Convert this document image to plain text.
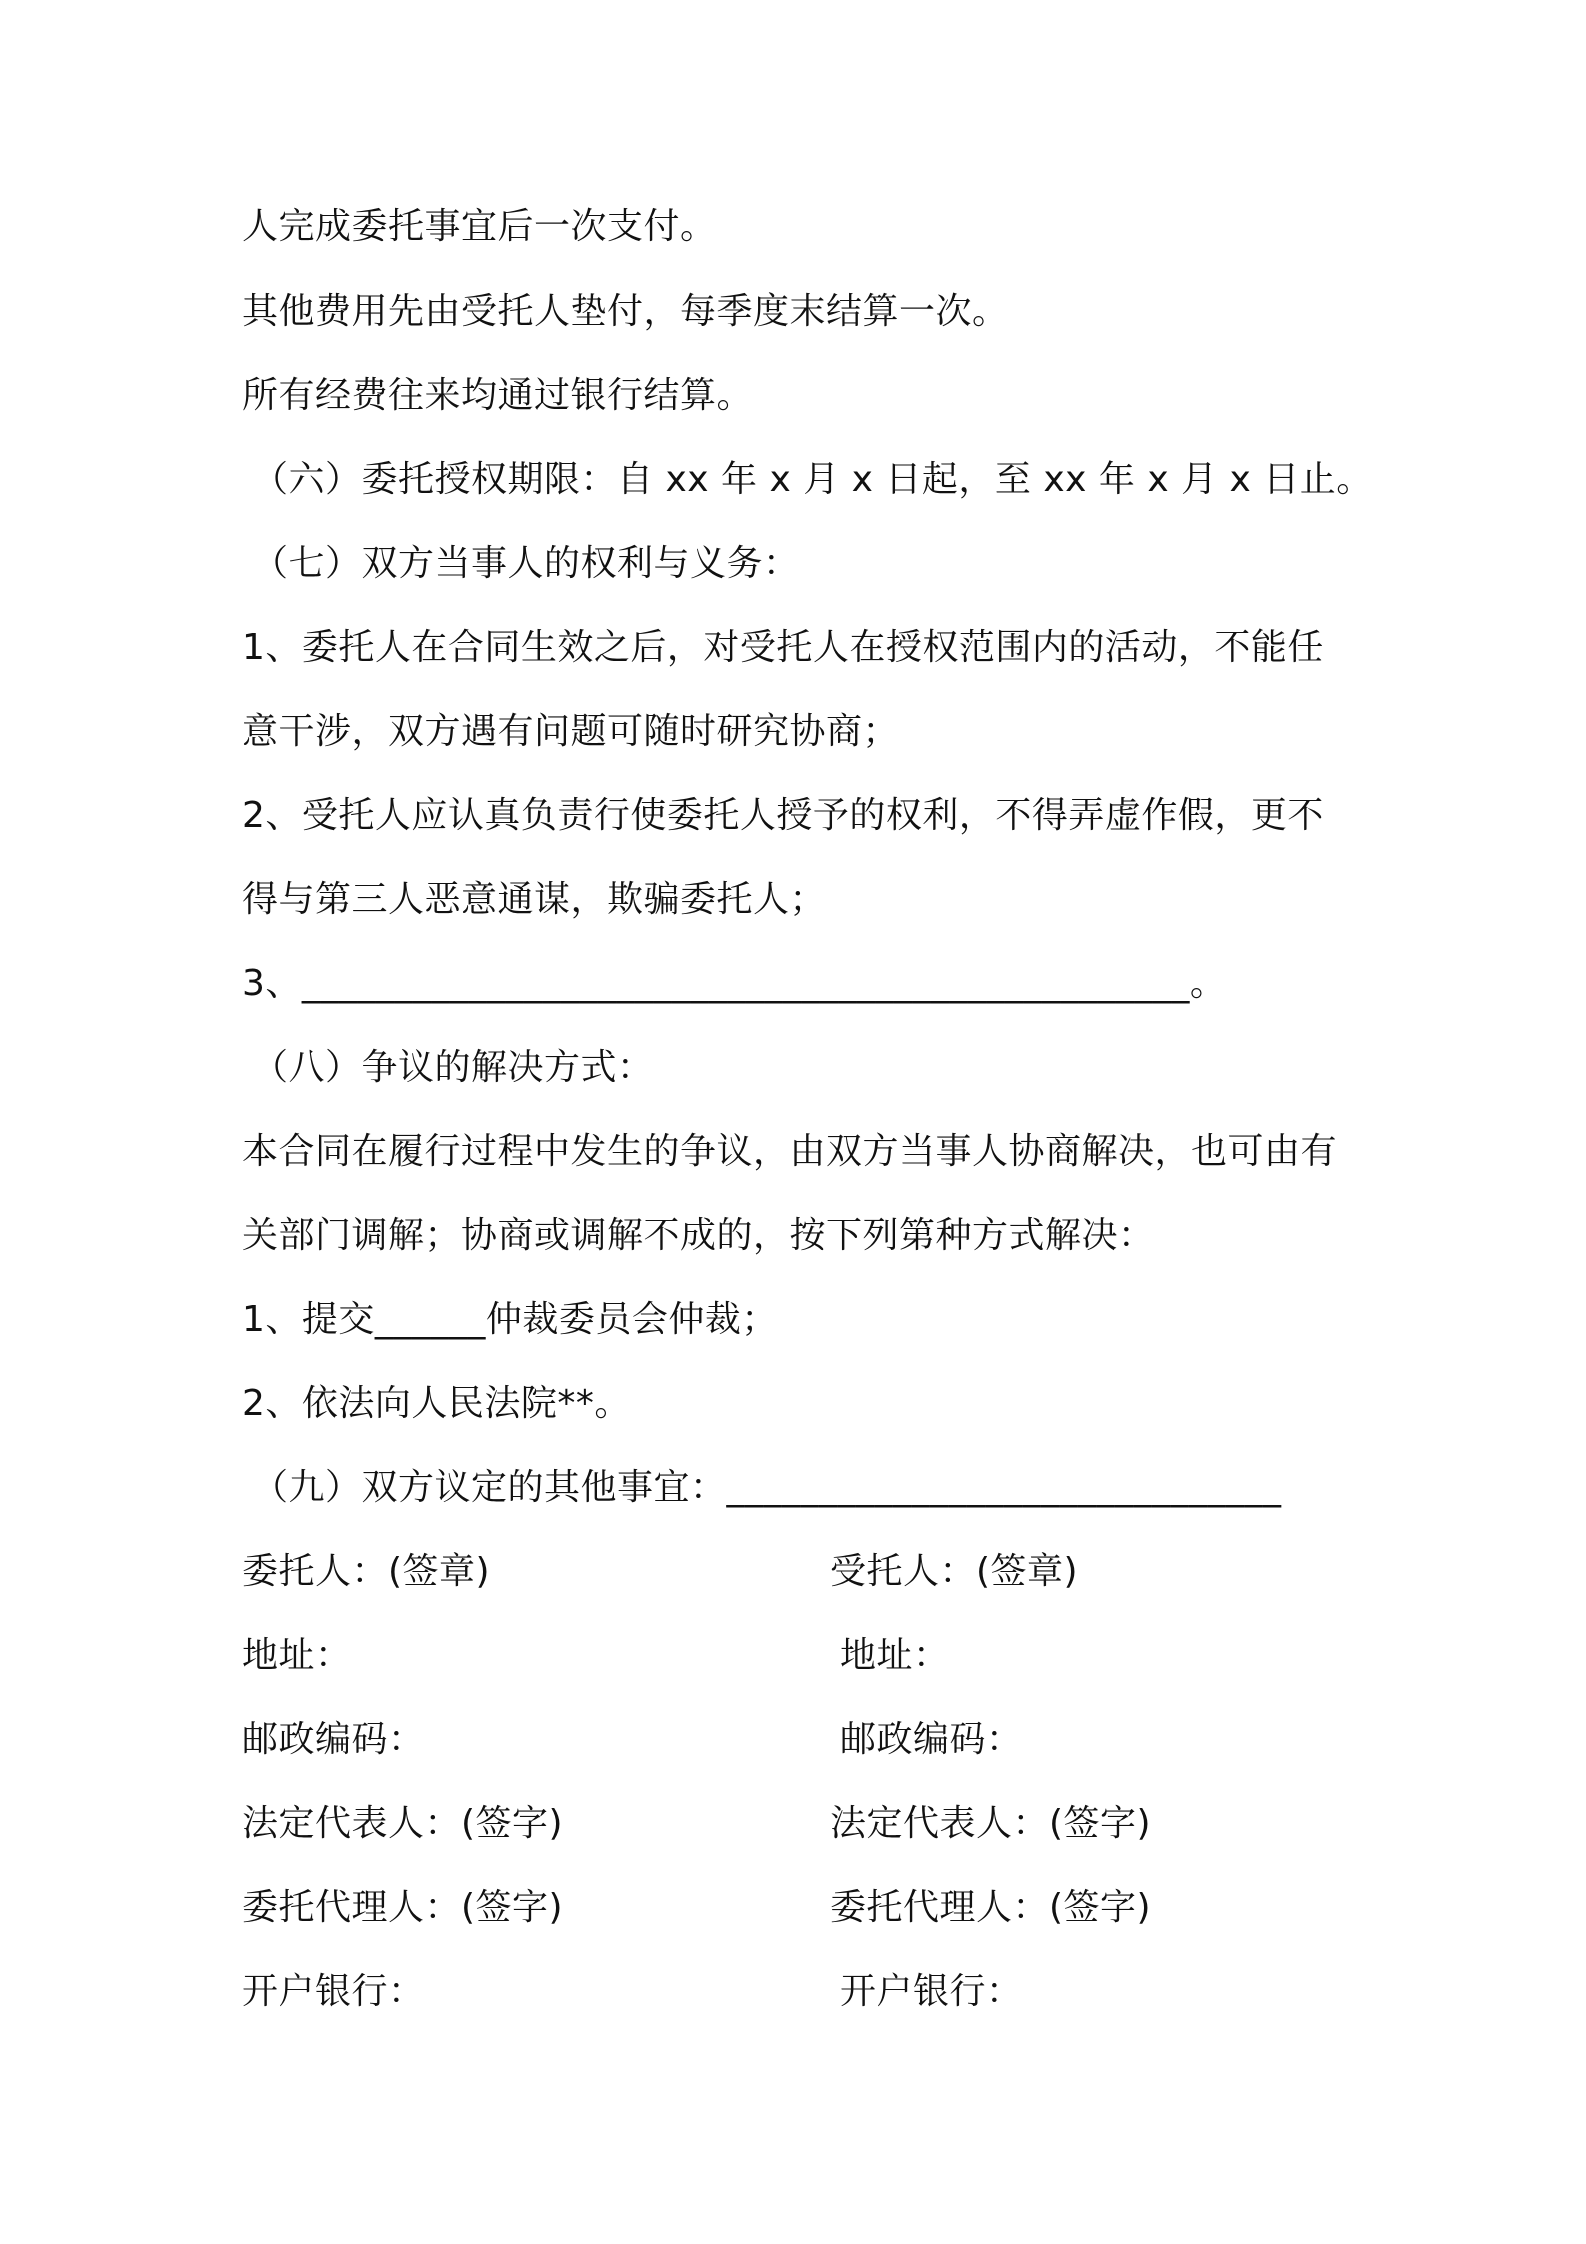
人完成委托事宜后一次支付。
其他费用先由受托人垫付，每季度末结算一次。
所有经费往来均通过银行结算。
（六）委托授权期限：自 xx 年 x 月 x 日起，至 xx 年 x 月 x 日止。
（七）双方当事人的权利与义务：
1、委托人在合同生效之后，对受托人在授权范围内的活动，不能任
意干涉，双方遇有问题可随时研究协商；
2、受托人应认真负责行使委托人授予的权利，不得弄虚作假，更不
得与第三人恶意通谋，欺骗委托人；
3、________________________________________________。
（八）争议的解决方式：
本合同在履行过程中发生的争议，由双方当事人协商解决，也可由有
关部门调解；协商或调解不成的，按下列第种方式解决：
1、提交______仲裁委员会仲裁；
2、依法向人民法院**。
（九）双方议定的其他事宜：______________________________
委托人：(签章)
地址：
邮政编码：
法定代表人：(签字)
委托代理人：(签字)
开户银行：
受托人：(签章)
地址：
邮政编码：
法定代表人：(签字)
委托代理人：(签字)
开户银行：
